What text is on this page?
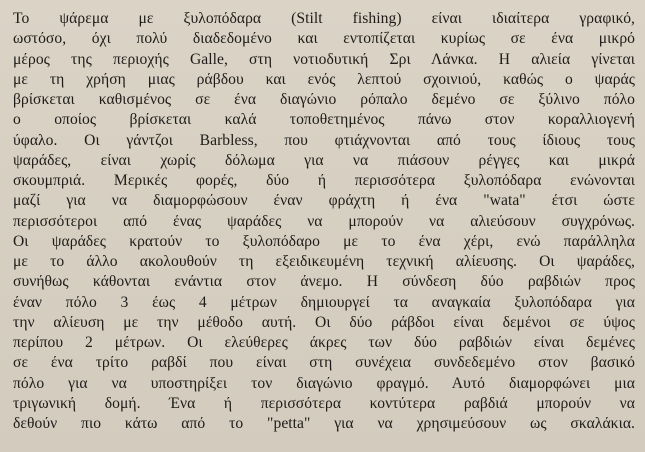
Το ψάρεμα με ξυλοπόδαρα (Stilt fishing) είναι ιδιαίτερα γραφικό,
ωστόσο, όχι πολύ διαδεδομένο και εντοπίζεται κυρίως σε ένα μικρό
μέρος της περιοχής Galle, στη νοτιοδυτική Σρι Λάνκα. Η αλιεία γίνεται
με τη χρήση μιας ράβδου και ενός λεπτού σχοινιού, καθώς ο ψαράς
βρίσκεται καθισμένος σε ένα διαγώνιο ρόπαλο δεμένο σε ξύλινο πόλο
ο οποίος βρίσκεται καλά τοποθετημένος πάνω στον κοραλλιογενή
ύφαλο. Οι γάντζοι Barbless, που φτιάχνονται από τους ίδιους τους
ψαράδες, είναι χωρίς δόλωμα για να πιάσουν ρέγγες και μικρά
σκουμπριά. Μερικές φορές, δύο ή περισσότερα ξυλοπόδαρα ενώνονται
μαζί για να διαμορφώσουν έναν φράχτη ή ένα "wata" έτσι ώστε
περισσότεροι από ένας ψαράδες να μπορούν να αλιεύσουν συγχρόνως.
Οι ψαράδες κρατούν το ξυλοπόδαρο με το ένα χέρι, ενώ παράλληλα
με το άλλο ακολουθούν τη εξειδικευμένη τεχνική αλίευσης. Οι ψαράδες,
συνήθως κάθονται ενάντια στον άνεμο. Η σύνδεση δύο ραβδιών προς
έναν πόλο 3 έως 4 μέτρων δημιουργεί τα αναγκαία ξυλοπόδαρα για
την αλίευση με την μέθοδο αυτή. Οι δύο ράβδοι είναι δεμένοι σε ύψος
περίπου 2 μέτρων. Οι ελεύθερες άκρες των δύο ραβδιών είναι δεμένες
σε ένα τρίτο ραβδί που είναι στη συνέχεια συνδεδεμένο στον βασικό
πόλο για να υποστηρίξει τον διαγώνιο φραγμό. Αυτό διαμορφώνει μια
τριγωνική δομή. Ένα ή περισσότερα κοντύτερα ραβδιά μπορούν να
δεθούν πιο κάτω από το "petta" για να χρησιμεύσουν ως σκαλάκια.
